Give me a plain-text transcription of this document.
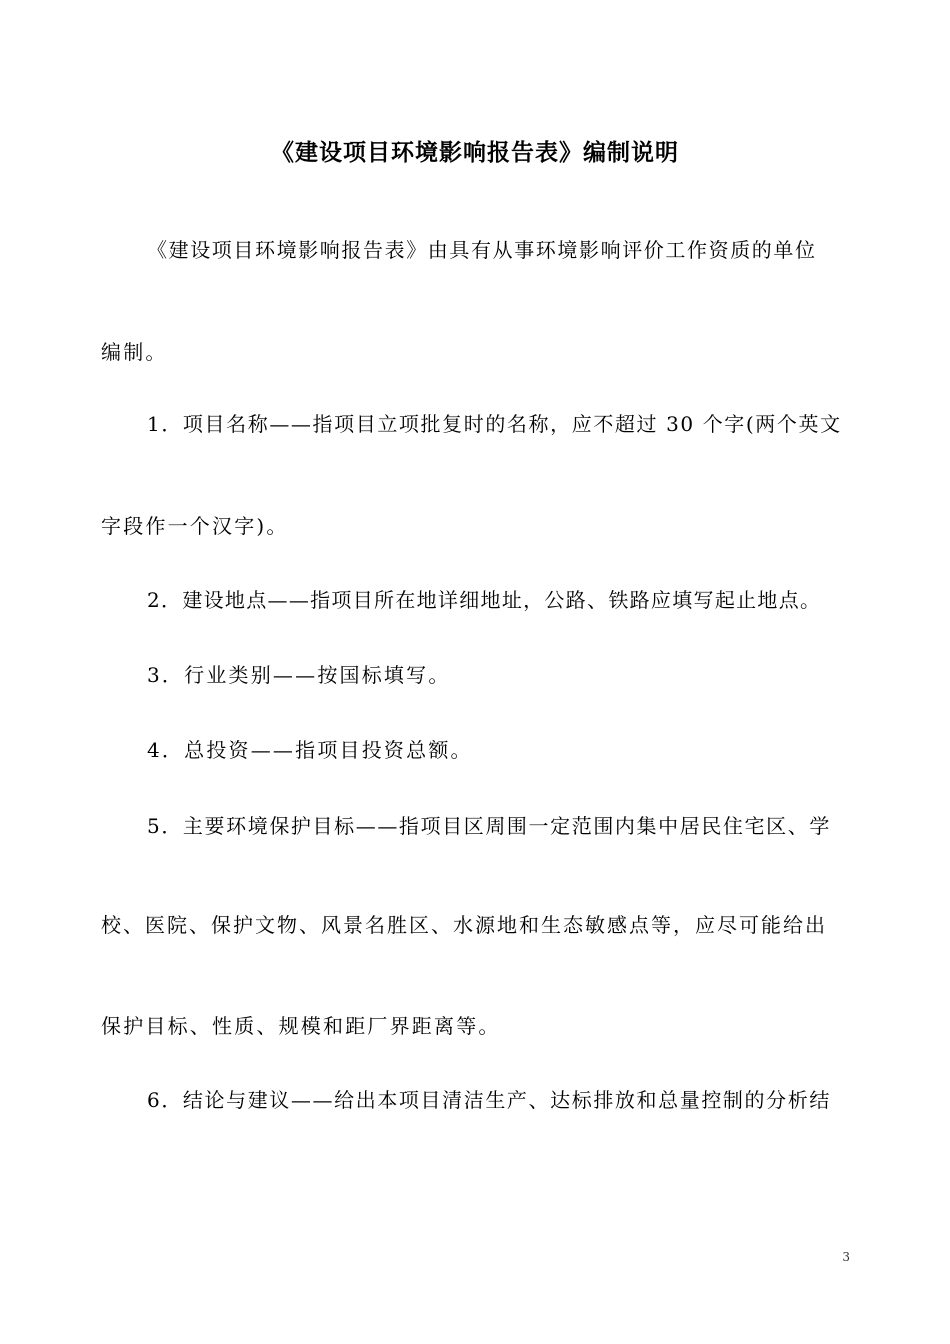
《建设项目环境影响报告表》编制说明
《建设项目环境影响报告表》由具有从事环境影响评价工作资质的单位
编制。
1．项目名称——指项目立项批复时的名称，应不超过 30 个字(两个英文
字段作一个汉字)。
2．建设地点——指项目所在地详细地址，公路、铁路应填写起止地点。
3．行业类别——按国标填写。
4．总投资——指项目投资总额。
5．主要环境保护目标——指项目区周围一定范围内集中居民住宅区、学
校、医院、保护文物、风景名胜区、水源地和生态敏感点等，应尽可能给出
保护目标、性质、规模和距厂界距离等。
6．结论与建议——给出本项目清洁生产、达标排放和总量控制的分析结
3
